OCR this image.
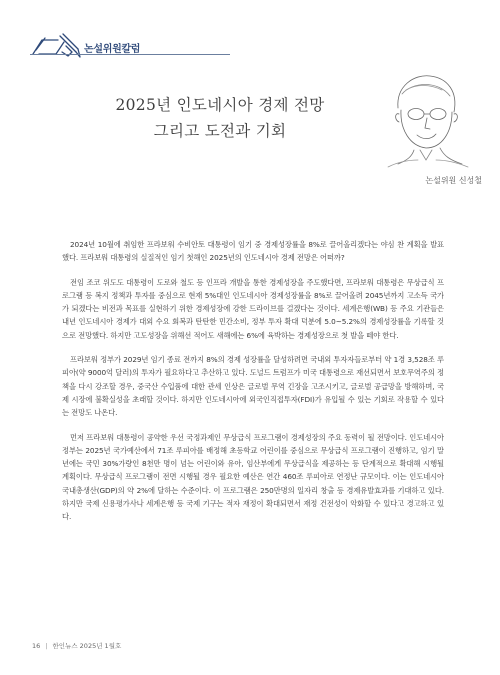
논설위원칼럼
2025년 인도네시아 경제 전망
그리고 도전과 기회
논설위원 신성철

2024년 10월에 취임한 프라보워 수비안토 대통령이 임기 중 경제성장률을 8%로 끌어올리겠다는 야심 찬 계획을 발표했다. 프라보워 대통령의 실질적인 임기 첫해인 2025년의 인도네시아 경제 전망은 어떠까?

전임 조코 위도도 대통령이 도로와 철도 등 인프라 개발을 통한 경제성장을 주도했다면, 프라보워 대통령은 무상급식 프로그램 등 복지 정책과 투자를 중심으로 현재 5%대인 인도네시아 경제성장률을 8%로 끌어올려 2045년까지 고소득 국가가 되겠다는 비전과 목표를 실현하기 위한 경제성장에 강한 드라이브를 걸겠다는 것이다. 세계은행(WB) 등 주요 기관들은 내년 인도네시아 경제가 대외 수요 회복과 탄탄한 민간소비, 정부 투자 확대 덕분에 5.0~5.2%의 경제성장률을 기록할 것으로 전망했다. 하지만 고도성장을 위해선 적어도 새해에는 6%에 육박하는 경제성장으로 첫 발을 떼야 한다.

프라보워 정부가 2029년 임기 종료 전까지 8%의 경제 성장률을 달성하려면 국내외 투자자들로부터 약 1경 3,528조 루피아(약 9000억 달러)의 투자가 필요하다고 추산하고 있다. 도널드 트럼프가 미국 대통령으로 재선되면서 보호무역주의 정책을 다시 강조할 경우, 중국산 수입품에 대한 관세 인상은 글로벌 무역 긴장을 고조시키고, 글로벌 공급망을 방해하며, 국제 시장에 불확실성을 초래할 것이다. 하지만 인도네시아에 외국인직접투자(FDI)가 유입될 수 있는 기회로 작용할 수 있다는 전망도 나온다.

먼저 프라보워 대통령이 공약한 우선 국정과제인 무상급식 프로그램이 경제성장의 주요 동력이 될 전망이다. 인도네시아 정부는 2025년 국가예산에서 71조 루피아를 배정해 초등학교 어린이를 중심으로 무상급식 프로그램이 진행하고, 임기 말년에는 국민 30%가량인 8천만 명이 넘는 어린이와 유아, 임산부에게 무상급식을 제공하는 등 단계적으로 확대해 시행될 계획이다. 무상급식 프로그램이 전면 시행될 경우 필요한 예산은 연간 460조 루피아로 연정난 규모이다. 이는 인도네시아 국내총생산(GDP)의 약 2%에 달하는 수준이다. 이 프로그램은 250만명의 일자리 창출 등 경제유발효과를 기대하고 있다. 하지만 국제 신용평가사나 세계은행 등 국제 기구는 적자 재정이 확대되면서 재정 건전성이 악화할 수 있다고 경고하고 있다.

16 | 한인뉴스 2025년 1월호
